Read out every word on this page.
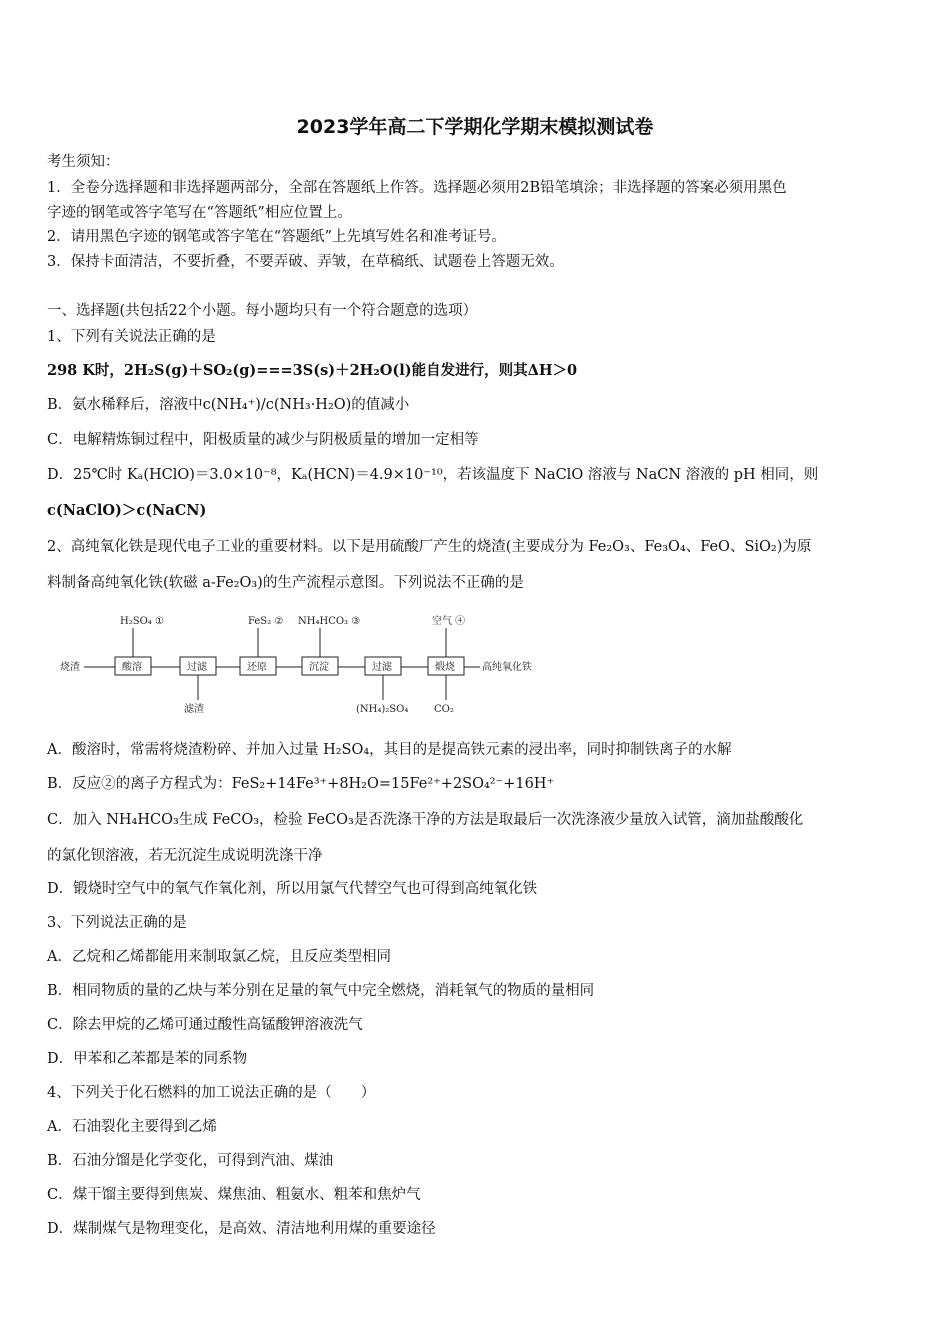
2023学年高二下学期化学期末模拟测试卷
考生须知：
1．全卷分选择题和非选择题两部分，全部在答题纸上作答。选择题必须用2B铅笔填涂；非选择题的答案必须用黑色
字迹的钢笔或答字笔写在“答题纸”相应位置上。
2．请用黑色字迹的钢笔或答字笔在“答题纸”上先填写姓名和准考证号。
3．保持卡面清洁，不要折叠，不要弄破、弄皱，在草稿纸、试题卷上答题无效。
一、选择题(共包括22个小题。每小题均只有一个符合题意的选项）
1、下列有关说法正确的是
298 K时，2H₂S(g)＋SO₂(g)===3S(s)＋2H₂O(l)能自发进行，则其ΔH＞0
B．氨水稀释后，溶液中c(NH₄⁺)/c(NH₃·H₂O)的值减小
C．电解精炼铜过程中，阳极质量的减少与阴极质量的增加一定相等
D．25℃时 Kₐ(HClO)＝3.0×10⁻⁸，Kₐ(HCN)＝4.9×10⁻¹⁰，若该温度下 NaClO 溶液与 NaCN 溶液的 pH 相同，则
c(NaClO)＞c(NaCN)
2、高纯氧化铁是现代电子工业的重要材料。以下是用硫酸厂产生的烧渣(主要成分为 Fe₂O₃、Fe₃O₄、FeO、SiO₂)为原
料制备高纯氧化铁(软磁 a-Fe₂O₃)的生产流程示意图。下列说法不正确的是
烧渣	酸溶	过滤	还原	沉淀	过滤	煅烧	高纯氧化铁
H₂SO₄ ①	FeS₂ ② NH₄HCO₃ ③	空气 ④
滤渣	(NH₄)₂SO₄	CO₂
A．酸溶时，常需将烧渣粉碎、并加入过量 H₂SO₄，其目的是提高铁元素的浸出率，同时抑制铁离子的水解
B．反应②的离子方程式为：FeS₂+14Fe³⁺+8H₂O=15Fe²⁺+2SO₄²⁻+16H⁺
C．加入 NH₄HCO₃生成 FeCO₃，检验 FeCO₃是否洗涤干净的方法是取最后一次洗涤液少量放入试管，滴加盐酸酸化
的氯化钡溶液，若无沉淀生成说明洗涤干净
D．锻烧时空气中的氧气作氧化剂，所以用氯气代替空气也可得到高纯氧化铁
3、下列说法正确的是
A．乙烷和乙烯都能用来制取氯乙烷，且反应类型相同
B．相同物质的量的乙炔与苯分别在足量的氧气中完全燃烧，消耗氧气的物质的量相同
C．除去甲烷的乙烯可通过酸性高锰酸钾溶液洗气
D．甲苯和乙苯都是苯的同系物
4、下列关于化石燃料的加工说法正确的是（　　）
A．石油裂化主要得到乙烯
B．石油分馏是化学变化，可得到汽油、煤油
C．煤干馏主要得到焦炭、煤焦油、粗氨水、粗苯和焦炉气
D．煤制煤气是物理变化，是高效、清洁地利用煤的重要途径
